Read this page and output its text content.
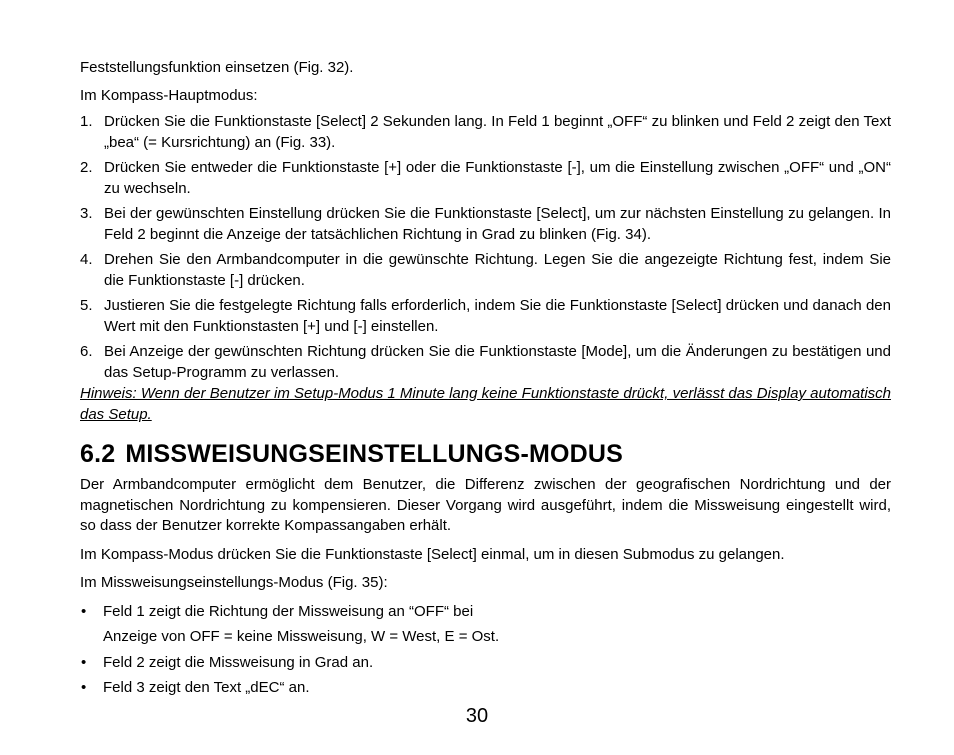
Feststellungsfunktion einsetzen (Fig. 32).

Im Kompass-Hauptmodus:

1. Drücken Sie die Funktionstaste [Select] 2 Sekunden lang. In Feld 1 beginnt „OFF“ zu blinken und Feld 2 zeigt den Text „bea“ (= Kursrichtung) an (Fig. 33).
2. Drücken Sie entweder die Funktionstaste [+] oder die Funktionstaste [-], um die Einstellung zwischen „OFF“ und „ON“ zu wechseln.
3. Bei der gewünschten Einstellung drücken Sie die Funktionstaste [Select], um zur nächsten Einstellung zu gelangen. In Feld 2 beginnt die Anzeige der tatsächlichen Richtung in Grad zu blinken (Fig. 34).
4. Drehen Sie den Armbandcomputer in die gewünschte Richtung. Legen Sie die angezeigte Richtung fest, indem Sie die Funktionstaste [-] drücken.
5. Justieren Sie die festgelegte Richtung falls erforderlich, indem Sie die Funktionstaste [Select] drücken und danach den Wert mit den Funktionstasten [+] und [-] einstellen.
6. Bei Anzeige der gewünschten Richtung drücken Sie die Funktionstaste [Mode], um die Änderungen zu bestätigen und das Setup-Programm zu verlassen.

Hinweis: Wenn der Benutzer im Setup-Modus 1 Minute lang keine Funktionstaste drückt, verlässt das Display automatisch das Setup.

6.2 MISSWEISUNGSEINSTELLUNGS-MODUS

Der Armbandcomputer ermöglicht dem Benutzer, die Differenz zwischen der geografischen Nordrichtung und der magnetischen Nordrichtung zu kompensieren. Dieser Vorgang wird ausgeführt, indem die Missweisung eingestellt wird, so dass der Benutzer korrekte Kompassangaben erhält.

Im Kompass-Modus drücken Sie die Funktionstaste [Select] einmal, um in diesen Submodus zu gelangen.

Im Missweisungseinstellungs-Modus (Fig. 35):

• Feld 1 zeigt die Richtung der Missweisung an “OFF“ bei
Anzeige von OFF = keine Missweisung, W = West, E = Ost.
• Feld 2 zeigt die Missweisung in Grad an.
• Feld 3 zeigt den Text „dEC“ an.
30
